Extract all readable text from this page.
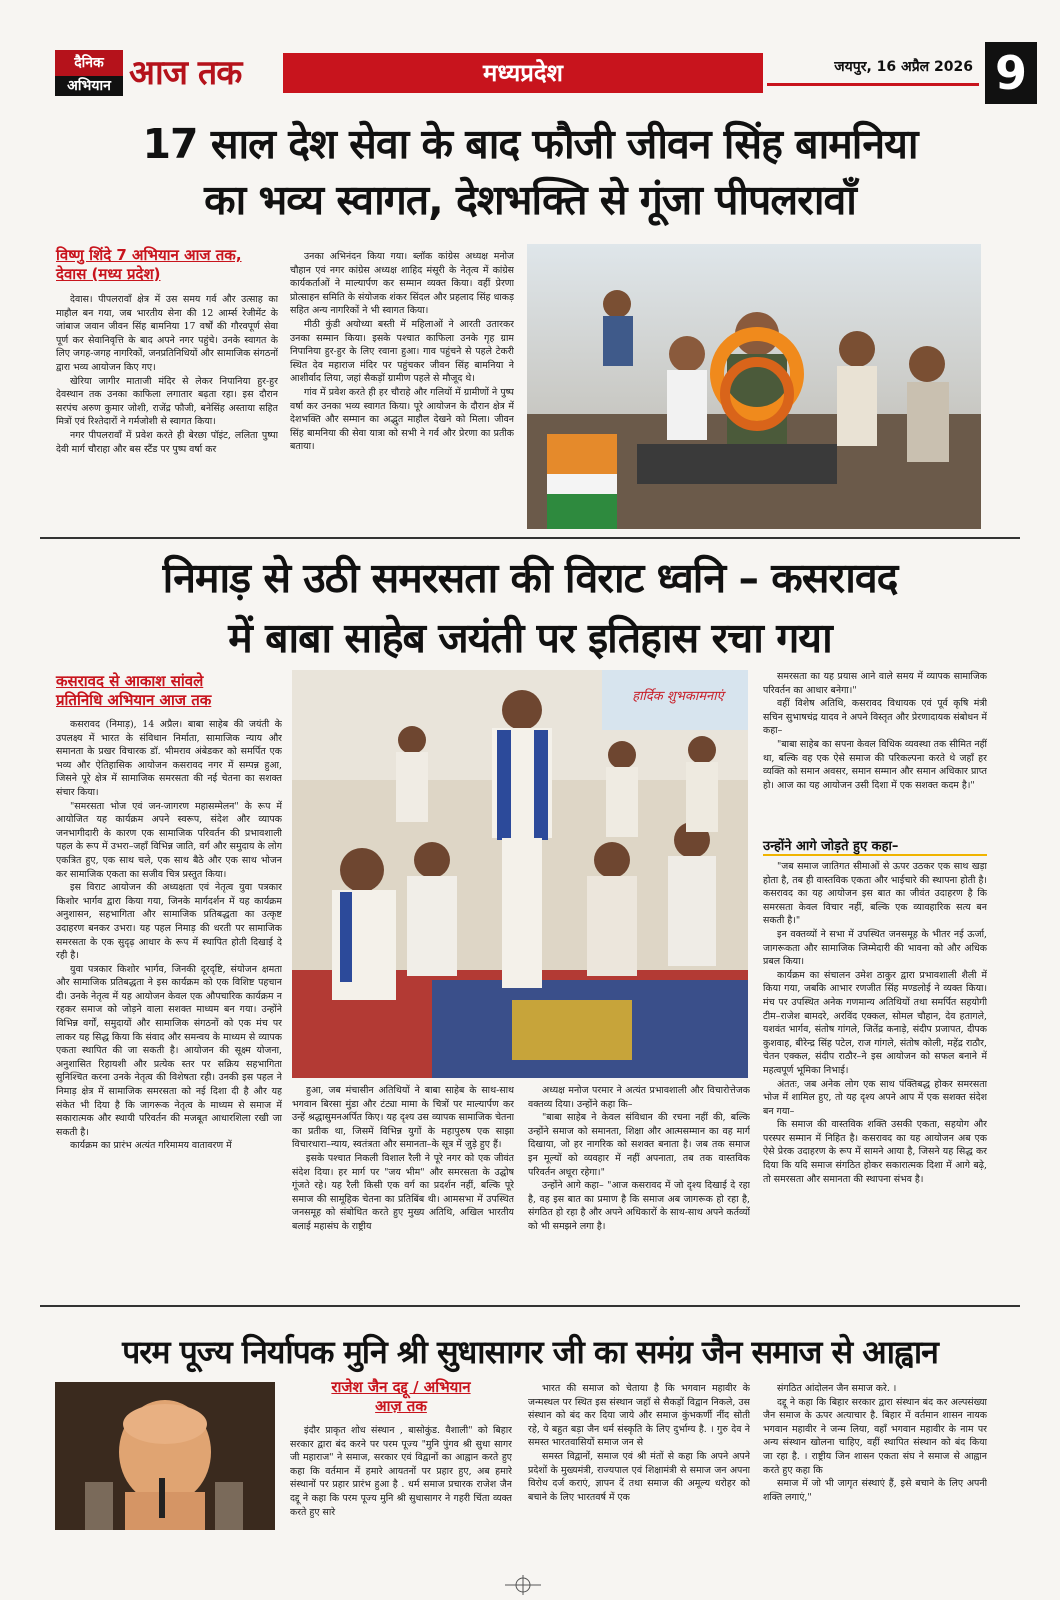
दैनिक
अभियान आज तक	मध्यप्रदेश	जयपुर, 16 अप्रैल 2026 9
17 साल देश सेवा के बाद फौजी जीवन सिंह बामनिया
का भव्य स्वागत, देशभक्ति से गूंजा पीपलरावाँ
विष्णु शिंदे 7 अभियान आज तक,
देवास (मध्य प्रदेश)

देवास। पीपलरावाँ क्षेत्र में उस समय गर्व और उत्साह का माहौल बन गया, जब भारतीय सेना की 12 आर्म्स रेजीमेंट के जांबाज जवान जीवन सिंह बामनिया 17 वर्षों की गौरवपूर्ण सेवा पूर्ण कर सेवानिवृत्ति के बाद अपने नगर पहुंचे। उनके स्वागत के लिए जगह-जगह नागरिकों, जनप्रतिनिधियों और सामाजिक संगठनों द्वारा भव्य आयोजन किए गए।

खेरिया जागीर माताजी मंदिर से लेकर निपानिया हुर-हुर देवस्थान तक उनका काफिला लगातार बढ़ता रहा। इस दौरान सरपंच अरुण कुमार जोशी, राजेंद्र फौजी, बनेसिंह अस्ताया सहित मित्रों एवं रिश्तेदारों ने गर्मजोशी से स्वागत किया।

नगर पीपलरावाँ में प्रवेश करते ही बेरछा पॉइंट, ललिता पुष्पा देवी मार्ग चौराहा और बस स्टैंड पर पुष्प वर्षा कर

उनका अभिनंदन किया गया। ब्लॉक कांग्रेस अध्यक्ष मनोज चौहान एवं नगर कांग्रेस अध्यक्ष शाहिद मंसूरी के नेतृत्व में कांग्रेस कार्यकर्ताओं ने माल्यार्पण कर सम्मान व्यक्त किया। वहीं प्रेरणा प्रोत्साहन समिति के संयोजक शंकर सिंदल और प्रहलाद सिंह धाकड़ सहित अन्य नागरिकों ने भी स्वागत किया।

मीठी कुंडी अयोध्या बस्ती में महिलाओं ने आरती उतारकर उनका सम्मान किया। इसके पश्चात काफिला उनके गृह ग्राम निपानिया हुर-हुर के लिए रवाना हुआ। गाव पहुंचने से पहले टेकरी स्थित देव महाराज मंदिर पर पहुंचकर जीवन सिंह बामनिया ने आशीर्वाद लिया, जहां सैकड़ों ग्रामीण पहले से मौजूद थे।

गांव में प्रवेश करते ही हर चौराहे और गलियों में ग्रामीणों ने पुष्प वर्षा कर उनका भव्य स्वागत किया। पूरे आयोजन के दौरान क्षेत्र में देशभक्ति और सम्मान का अद्भुत माहौल देखने को मिला। जीवन सिंह बामनिया की सेवा यात्रा को सभी ने गर्व और प्रेरणा का प्रतीक बताया।

निमाड़ से उठी समरसता की विराट ध्वनि – कसरावद
में बाबा साहेब जयंती पर इतिहास रचा गया
कसरावद से आकाश सांवले
प्रतिनिधि अभियान आज तक

कसरावद (निमाड़), 14 अप्रैल। बाबा साहेब की जयंती के उपलक्ष्य में भारत के संविधान निर्माता, सामाजिक न्याय और समानता के प्रखर विचारक डॉ. भीमराव अंबेडकर को समर्पित एक भव्य और ऐतिहासिक आयोजन कसरावद नगर में सम्पन्न हुआ, जिसने पूरे क्षेत्र में सामाजिक समरसता की नई चेतना का सशक्त संचार किया।

"समरसता भोज एवं जन-जागरण महासम्मेलन" के रूप में आयोजित यह कार्यक्रम अपने स्वरूप, संदेश और व्यापक जनभागीदारी के कारण एक सामाजिक परिवर्तन की प्रभावशाली पहल के रूप में उभरा–जहाँ विभिन्न जाति, वर्ग और समुदाय के लोग एकत्रित हुए, एक साथ चले, एक साथ बैठे और एक साथ भोजन कर सामाजिक एकता का सजीव चित्र प्रस्तुत किया।

इस विराट आयोजन की अध्यक्षता एवं नेतृत्व युवा पत्रकार किशोर भार्गव द्वारा किया गया, जिनके मार्गदर्शन में यह कार्यक्रम अनुशासन, सहभागिता और सामाजिक प्रतिबद्धता का उत्कृष्ट उदाहरण बनकर उभरा। यह पहल निमाड़ की धरती पर सामाजिक समरसता के एक सुदृढ़ आधार के रूप में स्थापित होती दिखाई दे रही है।

युवा पत्रकार किशोर भार्गव, जिनकी दूरदृष्टि, संयोजन क्षमता और सामाजिक प्रतिबद्धता ने इस कार्यक्रम को एक विशिष्ट पहचान दी। उनके नेतृत्व में यह आयोजन केवल एक औपचारिक कार्यक्रम न रहकर समाज को जोड़ने वाला सशक्त माध्यम बन गया। उन्होंने विभिन्न वर्गों, समुदायों और सामाजिक संगठनों को एक मंच पर लाकर यह सिद्ध किया कि संवाद और समन्वय के माध्यम से व्यापक एकता स्थापित की जा सकती है। आयोजन की सूक्ष्म योजना, अनुशासित रिहायशी और प्रत्येक स्तर पर सक्रिय सहभागिता सुनिश्चित करना उनके नेतृत्व की विशेषता रही। उनकी इस पहल ने निमाड़ क्षेत्र में सामाजिक समरसता को नई दिशा दी है और यह संकेत भी दिया है कि जागरूक नेतृत्व के माध्यम से समाज में सकारात्मक और स्थायी परिवर्तन की मजबूत आधारशिला रखी जा सकती है।

कार्यक्रम का प्रारंभ अत्यंत गरिमामय वातावरण में

हार्दिक शुभकामनाएं

हुआ, जब मंचासीन अतिथियों ने बाबा साहेब के साथ-साथ भगवान बिरसा मुंडा और टंट्या मामा के चित्रों पर माल्यार्पण कर उन्हें श्रद्धासुमनअर्पित किए। यह दृश्य उस व्यापक सामाजिक चेतना का प्रतीक था, जिसमें विभिन्न युगों के महापुरुष एक साझा विचारधारा–न्याय, स्वतंत्रता और समानता–के सूत्र में जुड़े हुए हैं।

इसके पश्चात निकली विशाल रैली ने पूरे नगर को एक जीवंत संदेश दिया। हर मार्ग पर "जय भीम" और समरसता के उद्घोष गूंजते रहे। यह रैली किसी एक वर्ग का प्रदर्शन नहीं, बल्कि पूरे समाज की सामूहिक चेतना का प्रतिबिंब थी। आमसभा में उपस्थित जनसमूह को संबोधित करते हुए मुख्य अतिथि, अखिल भारतीय बलाई महासंघ के राष्ट्रीय

अध्यक्ष मनोज परमार ने अत्यंत प्रभावशाली और विचारोत्तेजक वक्तव्य दिया। उन्होंने कहा कि–

"बाबा साहेब ने केवल संविधान की रचना नहीं की, बल्कि उन्होंने समाज को समानता, शिक्षा और आत्मसम्मान का वह मार्ग दिखाया, जो हर नागरिक को सशक्त बनाता है। जब तक समाज इन मूल्यों को व्यवहार में नहीं अपनाता, तब तक वास्तविक परिवर्तन अधूरा रहेगा।"

उन्होंने आगे कहा– "आज कसरावद में जो दृश्य दिखाई दे रहा है, वह इस बात का प्रमाण है कि समाज अब जागरूक हो रहा है, संगठित हो रहा है और अपने अधिकारों के साथ-साथ अपने कर्तव्यों को भी समझने लगा है।

समरसता का यह प्रयास आने वाले समय में व्यापक सामाजिक परिवर्तन का आधार बनेगा।"

वहीं विशेष अतिथि, कसरावद विधायक एवं पूर्व कृषि मंत्री सचिन सुभाषचंद्र यादव ने अपने विस्तृत और प्रेरणादायक संबोधन में कहा–

"बाबा साहेब का सपना केवल विधिक व्यवस्था तक सीमित नहीं था, बल्कि वह एक ऐसे समाज की परिकल्पना करते थे जहाँ हर व्यक्ति को समान अवसर, समान सम्मान और समान अधिकार प्राप्त हो। आज का यह आयोजन उसी दिशा में एक सशक्त कदम है।"

उन्होंने आगे जोड़ते हुए कहा–

"जब समाज जातिगत सीमाओं से ऊपर उठकर एक साथ खड़ा होता है, तब ही वास्तविक एकता और भाईचारे की स्थापना होती है। कसरावद का यह आयोजन इस बात का जीवंत उदाहरण है कि समरसता केवल विचार नहीं, बल्कि एक व्यावहारिक सत्य बन सकती है।"

इन वक्तव्यों ने सभा में उपस्थित जनसमूह के भीतर नई ऊर्जा, जागरूकता और सामाजिक जिम्मेदारी की भावना को और अधिक प्रबल किया।

कार्यक्रम का संचालन उमेश ठाकुर द्वारा प्रभावशाली शैली में किया गया, जबकि आभार रणजीत सिंह मण्डलोई ने व्यक्त किया। मंच पर उपस्थित अनेक गणमान्य अतिथियों तथा समर्पित सहयोगी टीम–राजेश बामदरे, अरविंद एक्कल, सोमल चौहान, देव हतागले, यशवंत भार्गव, संतोष गांगले, जितेंद्र कनाड़े, संदीप प्रजापत, दीपक कुशवाह, बीरेन्द्र सिंह पटेल, राज गांगले, संतोष कोली, महेंद्र राठौर, चेतन एक्कल, संदीप राठौर–ने इस आयोजन को सफल बनाने में महत्वपूर्ण भूमिका निभाई।

अंततः, जब अनेक लोग एक साथ पंक्तिबद्ध होकर समरसता भोज में शामिल हुए, तो यह दृश्य अपने आप में एक सशक्त संदेश बन गया–

कि समाज की वास्तविक शक्ति उसकी एकता, सहयोग और परस्पर सम्मान में निहित है। कसरावद का यह आयोजन अब एक ऐसे प्रेरक उदाहरण के रूप में सामने आया है, जिसने यह सिद्ध कर दिया कि यदि समाज संगठित होकर सकारात्मक दिशा में आगे बढ़े, तो समरसता और समानता की स्थापना संभव है।

परम पूज्य निर्यापक मुनि श्री सुधासागर जी का समंग्र जैन समाज से आह्वान
राजेश जैन दद्दू / अभियान
आज़ तक

इंदौर प्राकृत शोध संस्थान , बासोकुंड. वैशाली" को बिहार सरकार द्वारा बंद करने पर परम पूज्य "मुनि पुंगव श्री सुधा सागर जी महाराज" ने समाज, सरकार एवं विद्वानों का आह्वान करते हुए कहा कि वर्तमान में हमारे आयतनों पर प्रहार हुए, अब हमारे संस्थानों पर प्रहार प्रारंभ हुआ है . धर्म समाज प्रचारक राजेश जैन दद्दू ने कहा कि परम पूज्य मुनि श्री सुधासागर ने गहरी चिंता व्यक्त करते हुए सारे

भारत की समाज को चेताया है कि भगवान महावीर के जन्मस्थल पर स्थित इस संस्थान जहाँ से सैकड़ों विद्वान निकले, उस संस्थान को बंद कर दिया जाये और समाज कुंभकर्णी नींद सोती रहे, ये बहुत बड़ा जैन धर्म संस्कृति के लिए दुर्भाग्य है. । गुरु देव ने समस्त भारतवासियों समाज जन से

समस्त विद्वानों, समाज एवं श्री मंतों से कहा कि अपने अपने प्रदेशों के मुख्यमंत्री, राज्यपाल एवं शिक्षामंत्री से समाज जन अपना विरोध दर्ज कराएं, ज्ञापन दें तथा समाज की अमूल्य धरोहर को बचाने के लिए भारतवर्ष में एक

संगठित आंदोलन जैन समाज करे. ।

दद्दू ने कहा कि बिहार सरकार द्वारा संस्थान बंद कर अल्पसंख्या जैन समाज के ऊपर अत्याचार है. बिहार में वर्तमान शासन नायक भगवान महावीर ने जन्म लिया, वहाँ भगवान महावीर के नाम पर अन्य संस्थान खोलना चाहिए, वहीं स्थापित संस्थान को बंद किया जा रहा है. । राष्ट्रीय जिन शासन एकता संघ ने समाज से आह्वान करते हुए कहा कि

समाज में जो भी जागृत संस्थाएं हैं, इसे बचाने के लिए अपनी शक्ति लगाएं,"
